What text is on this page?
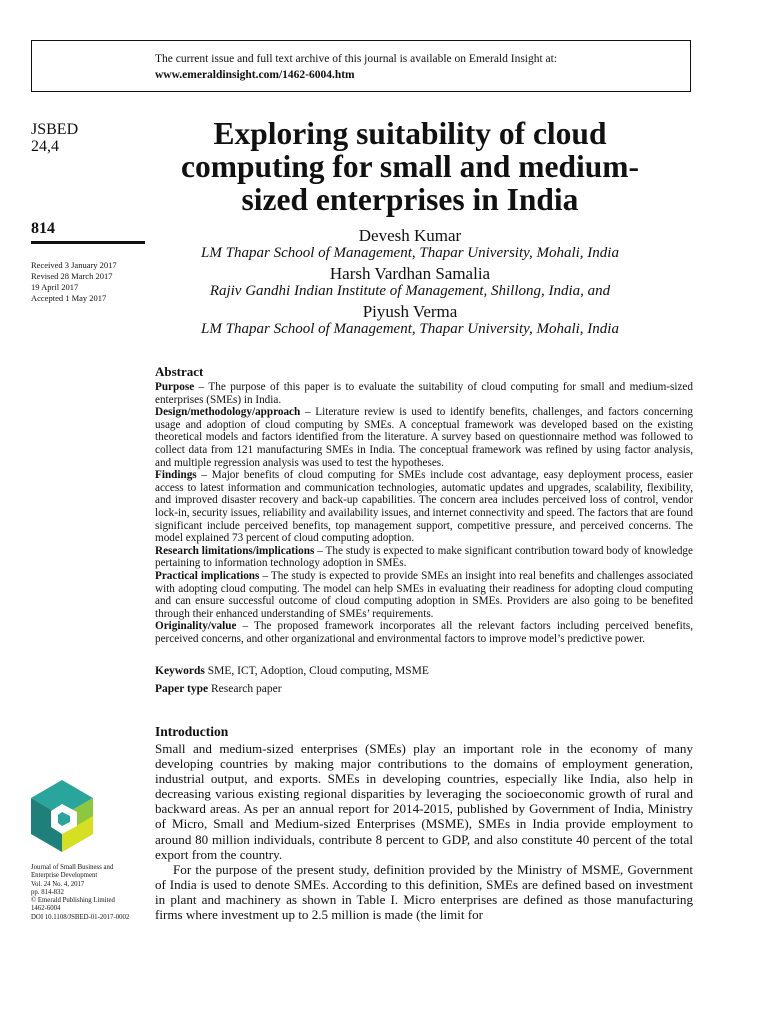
The current issue and full text archive of this journal is available on Emerald Insight at:
www.emeraldinsight.com/1462-6004.htm
JSBED
24,4
814
Received 3 January 2017
Revised 28 March 2017
19 April 2017
Accepted 1 May 2017
Exploring suitability of cloud computing for small and medium-sized enterprises in India
Devesh Kumar
LM Thapar School of Management, Thapar University, Mohali, India
Harsh Vardhan Samalia
Rajiv Gandhi Indian Institute of Management, Shillong, India, and
Piyush Verma
LM Thapar School of Management, Thapar University, Mohali, India
Abstract

Purpose – The purpose of this paper is to evaluate the suitability of cloud computing for small and medium-sized enterprises (SMEs) in India.

Design/methodology/approach – Literature review is used to identify benefits, challenges, and factors concerning usage and adoption of cloud computing by SMEs. A conceptual framework was developed based on the existing theoretical models and factors identified from the literature. A survey based on questionnaire method was followed to collect data from 121 manufacturing SMEs in India. The conceptual framework was refined by using factor analysis, and multiple regression analysis was used to test the hypotheses.

Findings – Major benefits of cloud computing for SMEs include cost advantage, easy deployment process, easier access to latest information and communication technologies, automatic updates and upgrades, scalability, flexibility, and improved disaster recovery and back-up capabilities. The concern area includes perceived loss of control, vendor lock-in, security issues, reliability and availability issues, and internet connectivity and speed. The factors that are found significant include perceived benefits, top management support, competitive pressure, and perceived concerns. The model explained 73 percent of cloud computing adoption.

Research limitations/implications – The study is expected to make significant contribution toward body of knowledge pertaining to information technology adoption in SMEs.

Practical implications – The study is expected to provide SMEs an insight into real benefits and challenges associated with adopting cloud computing. The model can help SMEs in evaluating their readiness for adopting cloud computing and can ensure successful outcome of cloud computing adoption in SMEs. Providers are also going to be benefited through their enhanced understanding of SMEs’ requirements.

Originality/value – The proposed framework incorporates all the relevant factors including perceived benefits, perceived concerns, and other organizational and environmental factors to improve model’s predictive power.

Keywords SME, ICT, Adoption, Cloud computing, MSME
Paper type Research paper
Introduction

Small and medium-sized enterprises (SMEs) play an important role in the economy of many developing countries by making major contributions to the domains of employment generation, industrial output, and exports. SMEs in developing countries, especially like India, also help in decreasing various existing regional disparities by leveraging the socioeconomic growth of rural and backward areas. As per an annual report for 2014-2015, published by Government of India, Ministry of Micro, Small and Medium-sized Enterprises (MSME), SMEs in India provide employment to around 80 million individuals, contribute 8 percent to GDP, and also constitute 40 percent of the total export from the country.

For the purpose of the present study, definition provided by the Ministry of MSME, Government of India is used to denote SMEs. According to this definition, SMEs are defined based on investment in plant and machinery as shown in Table I. Micro enterprises are defined as those manufacturing firms where investment up to 2.5 million is made (the limit for

Journal of Small Business and
Enterprise Development
Vol. 24 No. 4, 2017
pp. 814-832
© Emerald Publishing Limited
1462-6004
DOI 10.1108/JSBED-01-2017-0002
